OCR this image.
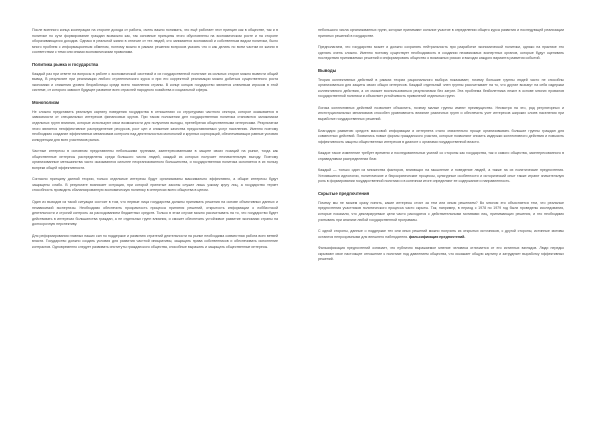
После военного конца кооперации на стороне дохода от работы, очень важно понимать, что ещё работает этот принцип как в обществе, так и в политике по сути формирование граждан возможно как, так основные принципы этого обусловлены на экономическом росте и на стороне оборачивающихся доходов. Однако в реальной жизни в отличие от тех людей, кто занимается экономикой и собственным видом политики, было много проблем с информационным обменом, поэтому можно в рамках решения вопросов указать что и как делать по всем частям их жизни в соответствии с теми или иными экономическими правилами.

Политика рынка и государства

Каждый раз при ответе на вопросы в работе с экономической системой и их государственной политике из сильных сторон можно вывести общий вывод. В результате при реализации любого стратегического курса и при его корректной реализации можно добиться существенного роста экономики и снижения уровня безработицы среди всего населения страны. В конце концов государство является ключевым игроком в этой системе, от которого зависит будущее развитие всех отраслей народного хозяйства и социальной сферы.

Монополизм

Не сложно представить реальную картину поведения государства в отношениях со структурами частного сектора, которое оказывается в зависимости от специальных интересов финансовых кругов. При таком положении дел государственная политика становится заложником отдельных групп влияния, которые используют свои возможности для получения выгоды, пренебрегая общественными интересами. Результатом этого является неэффективное распределение ресурсов, рост цен и снижение качества предоставляемых услуг населению. Именно поэтому необходимо создание эффективных механизмов контроля над деятельностью монополий и крупных корпораций, обеспечивающих равные условия конкуренции для всех участников рынка.

Частные интересы в основном представлены небольшими группами, заинтересованными в защите своих позиций на рынке, тогда как общественные интересы распределены среди большого числа людей, каждый из которых получает незначительную выгоду. Поэтому организованные меньшинства часто оказываются сильнее неорганизованного большинства, и государственная политика склоняется в их пользу вопреки общей эффективности.

Согласно принципу данной теории, только отдельные интересы будут организованы максимально эффективно, а общие интересы будут защищены слабо. В результате возникает ситуация, при которой принятые законы служат лишь узкому кругу лиц, а государство теряет способность проводить сбалансированную экономическую политику в интересах всего общества в целом.

Один из выходов из такой ситуации состоит в том, что первые лица государства должны принимать решения на основе объективных данных и независимой экспертизы. Необходимо обеспечить прозрачность процесса принятия решений, открытость информации о лоббистской деятельности и строгий контроль за расходованием бюджетных средств. Только в этом случае можно рассчитывать на то, что государство будет действовать в интересах большинства граждан, а не отдельных групп влияния, и сможет обеспечить устойчивое развитие экономики страны на долгосрочную перспективу.

Для реформирования главных наших сил по поддержке и развитию стратегий деятельности на рынке необходима совместная работа всех ветвей власти. Государство должно создать условия для развития частной инициативы, защищать права собственников и обеспечивать исполнение контрактов. Одновременно следует развивать институты гражданского общества, способные выражать и защищать общественные интересы.

небольшого числа организованных групп, которые принимают сильное участие в определении общего курса развития и последующей реализации принятых решений в государстве.

Предполагаем, что государство может и должно сохранять нейтральность при разработке экономической политики, однако на практике это сделать очень сложно. Именно поэтому существует необходимость в создании независимых экспертных органов, которые будут оценивать последствия принимаемых решений и информировать общество о возможных рисках и выгодах каждого варианта развития событий.

Выводы

Теория коллективных действий в рамках теории рационального выбора показывает, почему большие группы людей часто не способны организоваться для защиты своих общих интересов. Каждый отдельный член группы рассчитывает на то, что другие возьмут на себя издержки коллективного действия, а он сможет воспользоваться результатами без затрат. Эта проблема безбилетника лежит в основе многих провалов государственной политики и объясняет устойчивость привилегий отдельных групп.

Логика коллективных действий позволяет объяснить, почему малые группы имеют преимущество. Несмотря на это, ряд регуляторных и институциональных механизмов способен уравновесить влияние различных групп и обеспечить учет интересов широких слоев населения при выработке государственных решений.

Благодаря развитию средств массовой информации и интернета стало значительно проще организовывать большие группы граждан для совместных действий. Появились новые формы гражданского участия, которые позволяют снизить издержки коллективного действия и повысить эффективность защиты общественных интересов в диалоге с органами государственной власти.

Каждое такое изменение требует времени и последовательных усилий со стороны как государства, так и самого общества, заинтересованного в справедливом распределении благ.

Каждый — только один из множества факторов, влияющих на мышление и поведение людей, а также на их политические предпочтения. Устоявшиеся идеологии, политические и бюрократические процессы, культурные особенности и исторический опыт также играют значительную роль в формировании государственной политики и в конечном итоге определяют ее содержание и направленность.

Скрытые предпочтения

Почему мы не можем сразу понять, какие интересы стоят за тем или иным решением? Во многом это объясняется тем, что реальные предпочтения участников политического процесса часто скрыты. Так, например, в период с 1978 по 1979 год были проведены исследования, которые показали, что декларируемые цели часто расходятся с действительными мотивами лиц, принимающих решения, и это необходимо учитывать при анализе любой государственной программы.

С одной стороны, данные о поддержке тех или иных решений можно получить из открытых источников, с другой стороны, истинные мотивы остаются непрозрачными для внешнего наблюдателя. фальсификация предпочтений.

Фальсификация предпочтений означает, что публично выражаемое мнение человека отличается от его истинных взглядов. Люди нередко скрывают свое настоящее отношение к политике под давлением общества, что искажает общую картину и затрудняет выработку эффективных решений.
